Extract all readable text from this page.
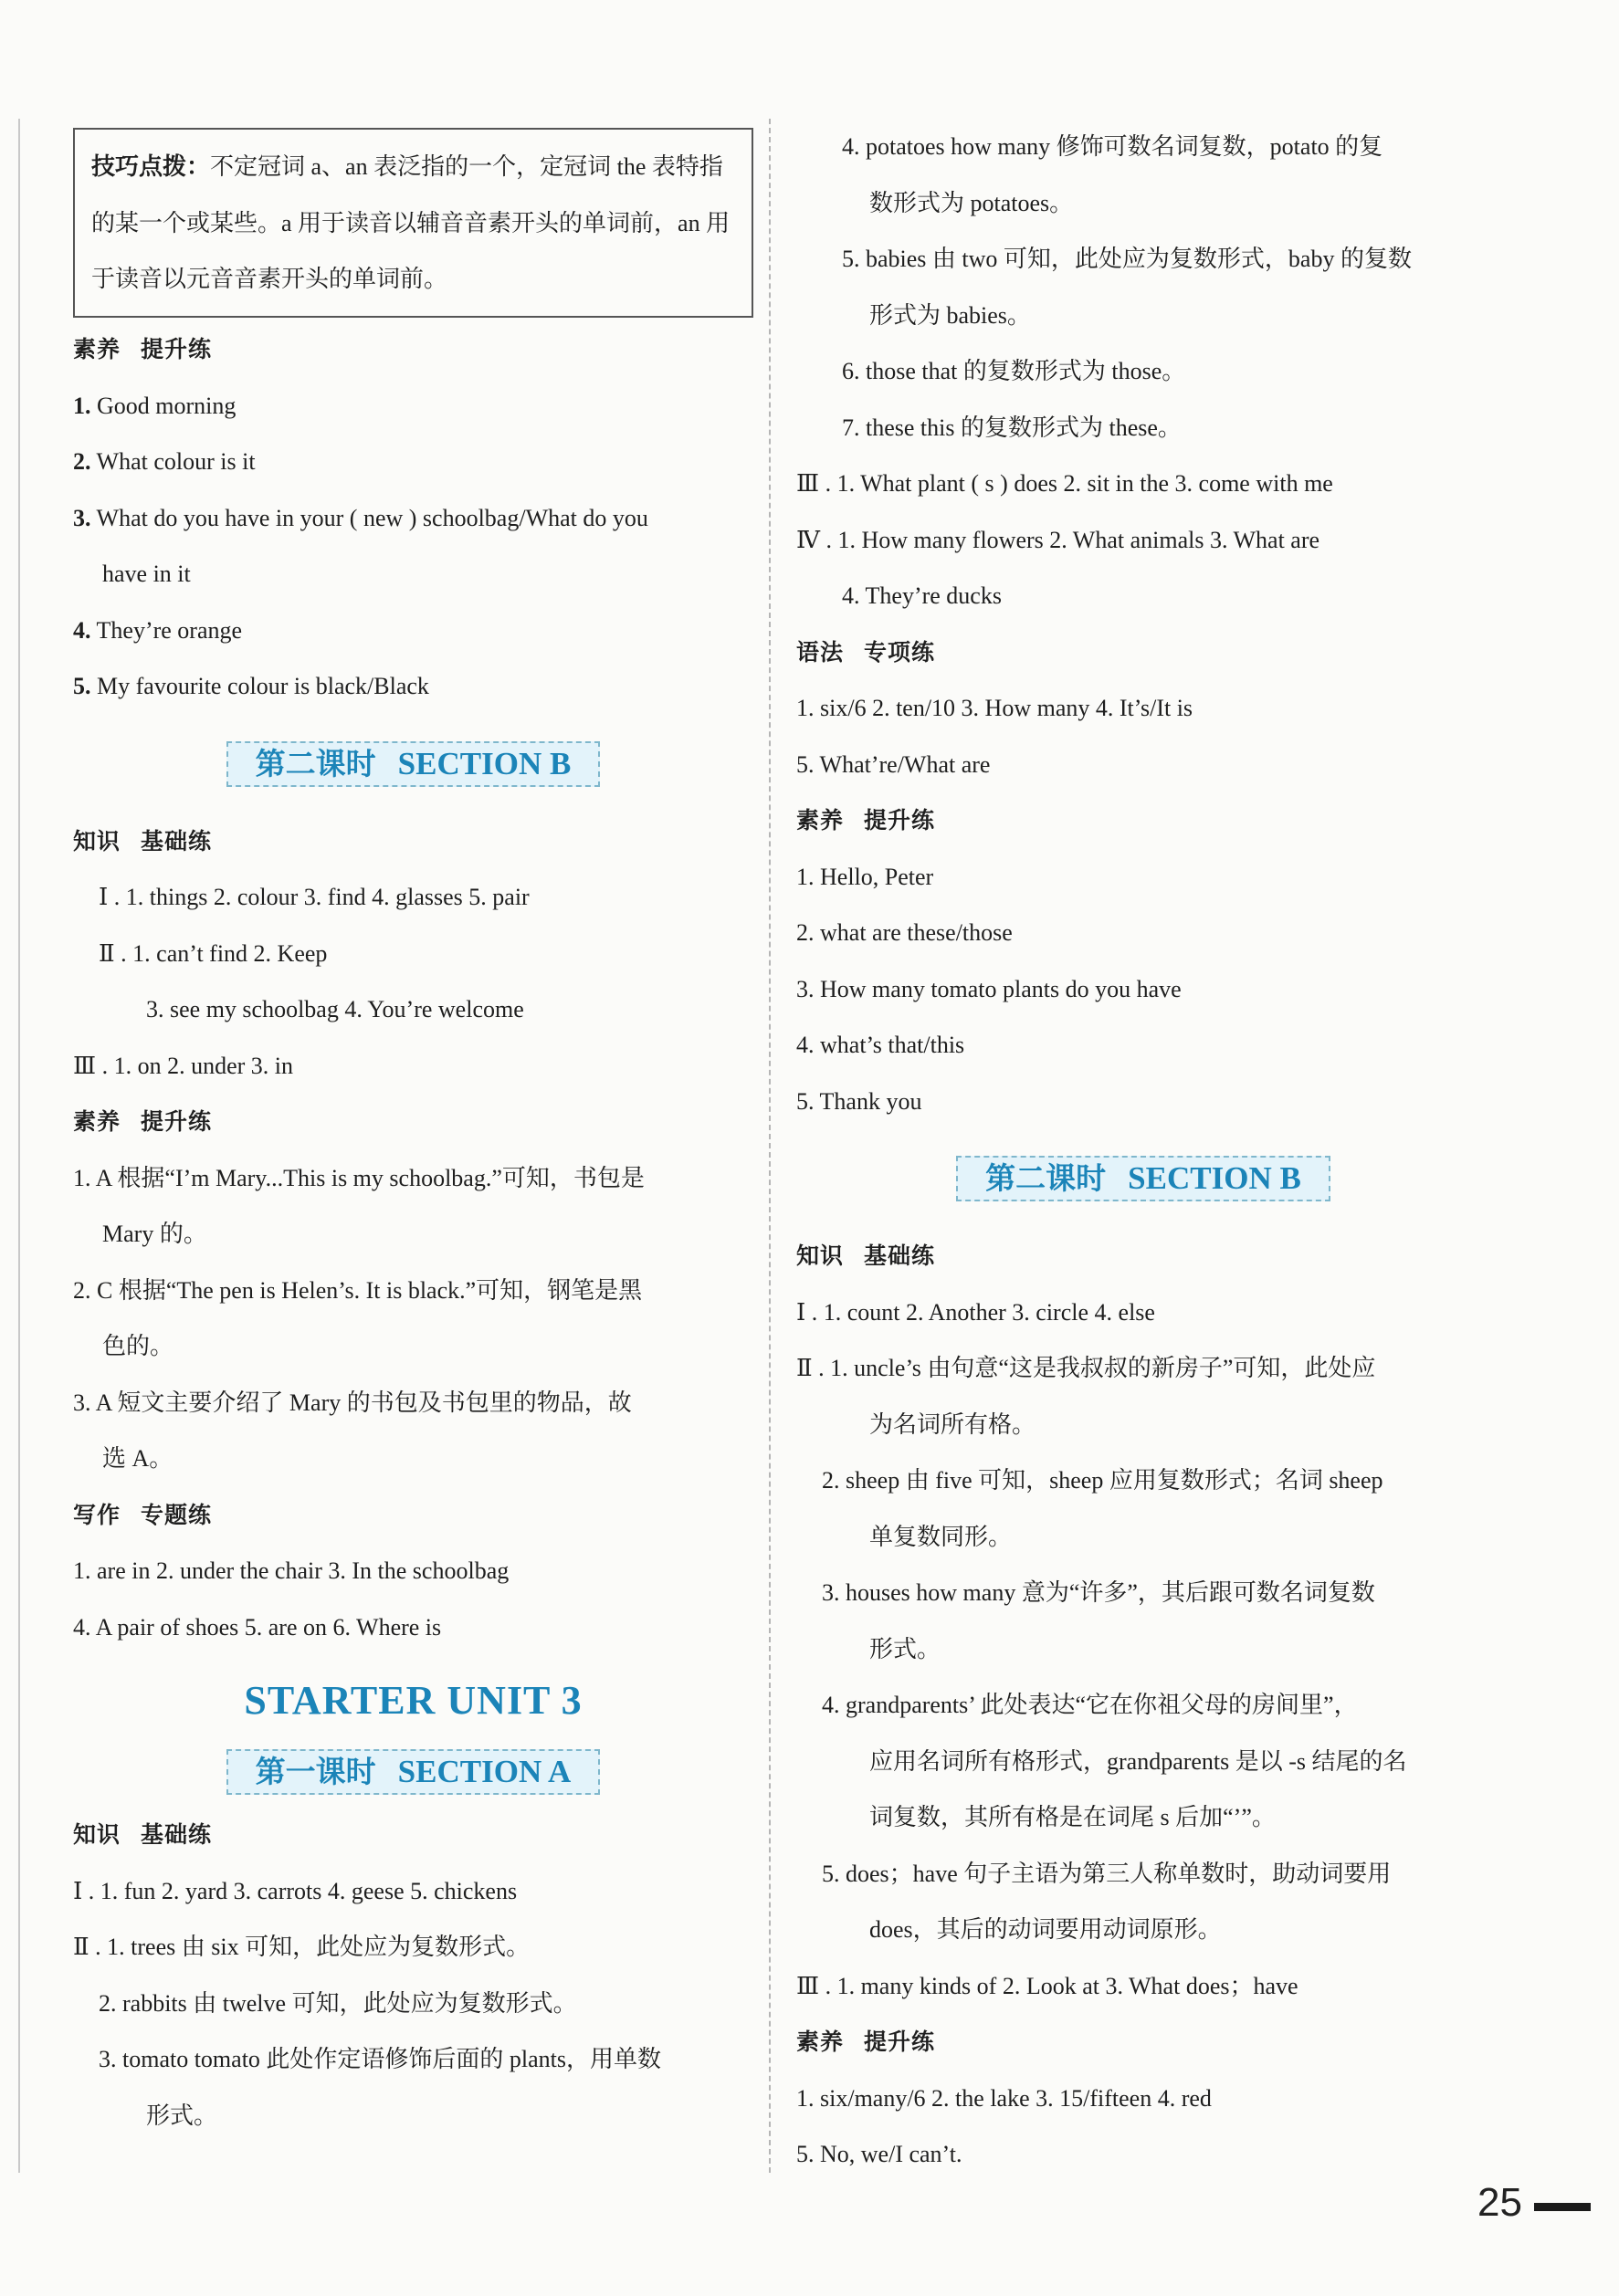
技巧点拨：不定冠词 a、an 表泛指的一个，定冠词 the 表特指的某一个或某些。a 用于读音以辅音音素开头的单词前，an 用于读音以元音音素开头的单词前。
素养 提升练
1. Good morning
2. What colour is it
3. What do you have in your ( new ) schoolbag/What do you
have in it
4. They’re orange
5. My favourite colour is black/Black
第二课时 SECTION B
知识 基础练
Ⅰ . 1. things 2. colour 3. find 4. glasses 5. pair
Ⅱ . 1. can’t find 2. Keep
3. see my schoolbag 4. You’re welcome
Ⅲ . 1. on 2. under 3. in
素养 提升练
1. A 根据“I’m Mary...This is my schoolbag.”可知，书包是
Mary 的。
2. C 根据“The pen is Helen’s. It is black.”可知，钢笔是黑
色的。
3. A 短文主要介绍了 Mary 的书包及书包里的物品，故
选 A。
写作 专题练
1. are in 2. under the chair 3. In the schoolbag
4. A pair of shoes 5. are on 6. Where is
STARTER UNIT 3
第一课时 SECTION A
知识 基础练
Ⅰ . 1. fun 2. yard 3. carrots 4. geese 5. chickens
Ⅱ . 1. trees 由 six 可知，此处应为复数形式。
2. rabbits 由 twelve 可知，此处应为复数形式。
3. tomato tomato 此处作定语修饰后面的 plants，用单数
形式。
4. potatoes how many 修饰可数名词复数，potato 的复
数形式为 potatoes。
5. babies 由 two 可知，此处应为复数形式，baby 的复数
形式为 babies。
6. those that 的复数形式为 those。
7. these this 的复数形式为 these。
Ⅲ . 1. What plant ( s ) does 2. sit in the 3. come with me
Ⅳ . 1. How many flowers 2. What animals 3. What are
4. They’re ducks
语法 专项练
1. six/6 2. ten/10 3. How many 4. It’s/It is
5. What’re/What are
素养 提升练
1. Hello, Peter
2. what are these/those
3. How many tomato plants do you have
4. what’s that/this
5. Thank you
第二课时 SECTION B
知识 基础练
Ⅰ . 1. count 2. Another 3. circle 4. else
Ⅱ . 1. uncle’s 由句意“这是我叔叔的新房子”可知，此处应
为名词所有格。
2. sheep 由 five 可知，sheep 应用复数形式；名词 sheep
单复数同形。
3. houses how many 意为“许多”，其后跟可数名词复数
形式。
4. grandparents’ 此处表达“它在你祖父母的房间里”，
应用名词所有格形式，grandparents 是以 -s 结尾的名
词复数，其所有格是在词尾 s 后加“’”。
5. does；have 句子主语为第三人称单数时，助动词要用
does，其后的动词要用动词原形。
Ⅲ . 1. many kinds of 2. Look at 3. What does；have
素养 提升练
1. six/many/6 2. the lake 3. 15/fifteen 4. red
5. No, we/I can’t.
25
